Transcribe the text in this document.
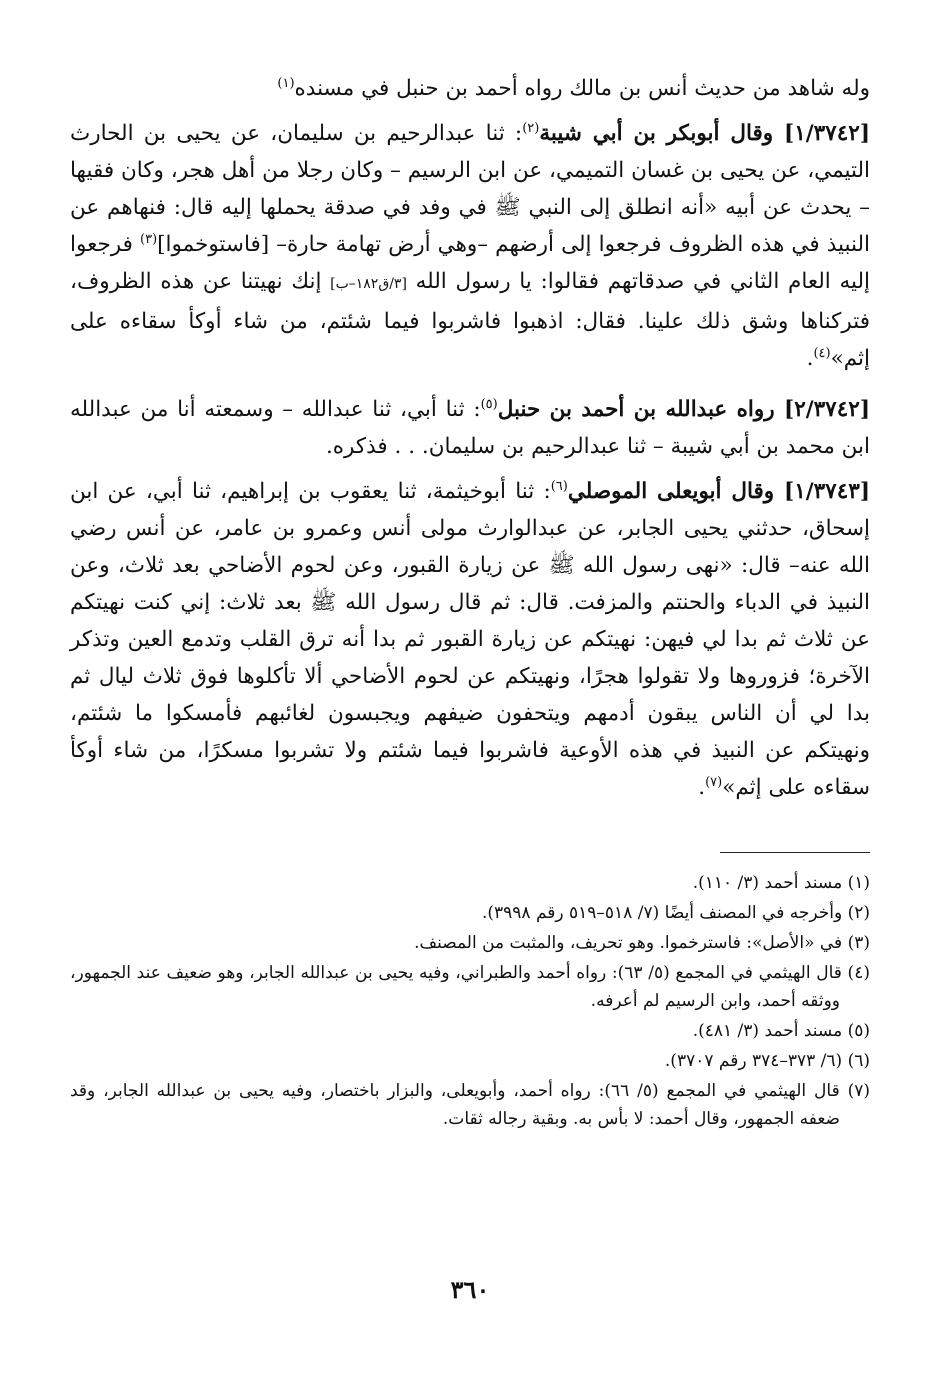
وله شاهد من حديث أنس بن مالك رواه أحمد بن حنبل في مسنده$^{(١)}$

[١/٣٧٤٢] وقال أبوبكر بن أبي شيبة$^{(٢)}$: ثنا عبدالرحيم بن سليمان، عن يحيى بن الحارث التيمي، عن يحيى بن غسان التميمي، عن ابن الرسيم – وكان رجلا من أهل هجر، وكان فقيها – يحدث عن أبيه «أنه انطلق إلى النبي ﷺ في وفد في صدقة يحملها إليه قال: فنهاهم عن النبيذ في هذه الظروف فرجعوا إلى أرضهم –وهي أرض تهامة حارة– [فاستوخموا]$^{(٣)}$ فرجعوا إليه العام الثاني في صدقاتهم فقالوا: يا رسول الله [٣/ق١٨٢–ب] إنك نهيتنا عن هذه الظروف، فتركناها وشق ذلك علينا. فقال: اذهبوا فاشربوا فيما شئتم، من شاء أوكأ سقاءه على إثم»$^{(٤)}$.

[٢/٣٧٤٢] رواه عبدالله بن أحمد بن حنبل$^{(٥)}$: ثنا أبي، ثنا عبدالله – وسمعته أنا من عبدالله ابن محمد بن أبي شيبة – ثنا عبدالرحيم بن سليمان. . . فذكره.

[١/٣٧٤٣] وقال أبويعلى الموصلي$^{(٦)}$: ثنا أبوخيثمة، ثنا يعقوب بن إبراهيم، ثنا أبي، عن ابن إسحاق، حدثني يحيى الجابر، عن عبدالوارث مولى أنس وعمرو بن عامر، عن أنس رضي الله عنه– قال: «نهى رسول الله ﷺ عن زيارة القبور، وعن لحوم الأضاحي بعد ثلاث، وعن النبيذ في الدباء والحنتم والمزفت. قال: ثم قال رسول الله ﷺ بعد ثلاث: إني كنت نهيتكم عن ثلاث ثم بدا لي فيهن: نهيتكم عن زيارة القبور ثم بدا أنه ترق القلب وتدمع العين وتذكر الآخرة؛ فزوروها ولا تقولوا هجرًا، ونهيتكم عن لحوم الأضاحي ألا تأكلوها فوق ثلاث ليال ثم بدا لي أن الناس يبقون أدمهم ويتحفون ضيفهم ويجبسون لغائبهم فأمسكوا ما شئتم، ونهيتكم عن النبيذ في هذه الأوعية فاشربوا فيما شئتم ولا تشربوا مسكرًا، من شاء أوكأ سقاءه على إثم»$^{(٧)}$.

(١) مسند أحمد (٣/ ١١٠).
(٢) وأخرجه في المصنف أيضًا (٧/ ٥١٨–٥١٩ رقم ٣٩٩٨).
(٣) في «الأصل»: فاسترخموا. وهو تحريف، والمثبت من المصنف.
(٤) قال الهيثمي في المجمع (٥/ ٦٣): رواه أحمد والطبراني، وفيه يحيى بن عبدالله الجابر، وهو ضعيف عند الجمهور، ووثقه أحمد، وابن الرسيم لم أعرفه.
(٥) مسند أحمد (٣/ ٤٨١).
(٦) (٦/ ٣٧٣–٣٧٤ رقم ٣٧٠٧).
(٧) قال الهيثمي في المجمع (٥/ ٦٦): رواه أحمد، وأبويعلى، والبزار باختصار، وفيه يحيى بن عبدالله الجابر، وقد ضعفه الجمهور، وقال أحمد: لا بأس به. وبقية رجاله ثقات.
٣٦٠
